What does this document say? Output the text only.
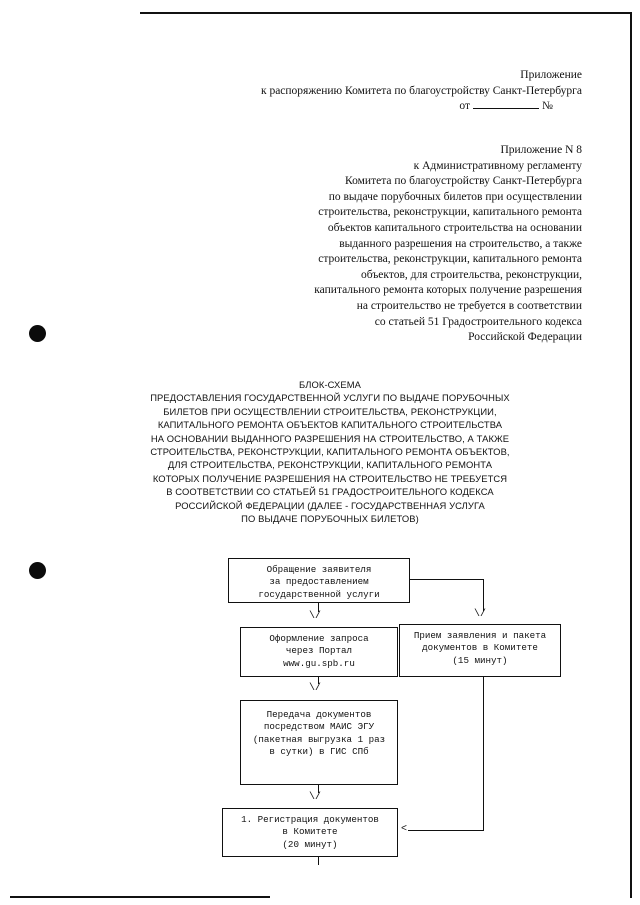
Приложение
к распоряжению Комитета по благоустройству Санкт-Петербурга
от	№
Приложение N 8
к Административному регламенту
Комитета по благоустройству Санкт-Петербурга
по выдаче порубочных билетов при осуществлении
строительства, реконструкции, капитального ремонта
объектов капитального строительства на основании
выданного разрешения на строительство, а также
строительства, реконструкции, капитального ремонта
объектов, для строительства, реконструкции,
капитального ремонта которых получение разрешения
на строительство не требуется в соответствии
со статьей 51 Градостроительного кодекса
Российской Федерации
БЛОК-СХЕМА
ПРЕДОСТАВЛЕНИЯ ГОСУДАРСТВЕННОЙ УСЛУГИ ПО ВЫДАЧЕ ПОРУБОЧНЫХ
БИЛЕТОВ ПРИ ОСУЩЕСТВЛЕНИИ СТРОИТЕЛЬСТВА, РЕКОНСТРУКЦИИ,
КАПИТАЛЬНОГО РЕМОНТА ОБЪЕКТОВ КАПИТАЛЬНОГО СТРОИТЕЛЬСТВА
НА ОСНОВАНИИ ВЫДАННОГО РАЗРЕШЕНИЯ НА СТРОИТЕЛЬСТВО, А ТАКЖЕ
СТРОИТЕЛЬСТВА, РЕКОНСТРУКЦИИ, КАПИТАЛЬНОГО РЕМОНТА ОБЪЕКТОВ,
ДЛЯ СТРОИТЕЛЬСТВА, РЕКОНСТРУКЦИИ, КАПИТАЛЬНОГО РЕМОНТА
КОТОРЫХ ПОЛУЧЕНИЕ РАЗРЕШЕНИЯ НА СТРОИТЕЛЬСТВО НЕ ТРЕБУЕТСЯ
В СООТВЕТСТВИИ СО СТАТЬЕЙ 51 ГРАДОСТРОИТЕЛЬНОГО КОДЕКСА
РОССИЙСКОЙ ФЕДЕРАЦИИ (ДАЛЕЕ - ГОСУДАРСТВЕННАЯ УСЛУГА
ПО ВЫДАЧЕ ПОРУБОЧНЫХ БИЛЕТОВ)
Обращение заявителя
за предоставлением
государственной услуги
\/
\/
Оформление запроса
через Портал
www.gu.spb.ru
Прием заявления и пакета
документов в Комитете
(15 минут)
\/
Передача документов
посредством МАИС ЭГУ
(пакетная выгрузка 1 раз
в сутки) в ГИС СПб
\/
<
1. Регистрация документов
в Комитете
(20 минут)
